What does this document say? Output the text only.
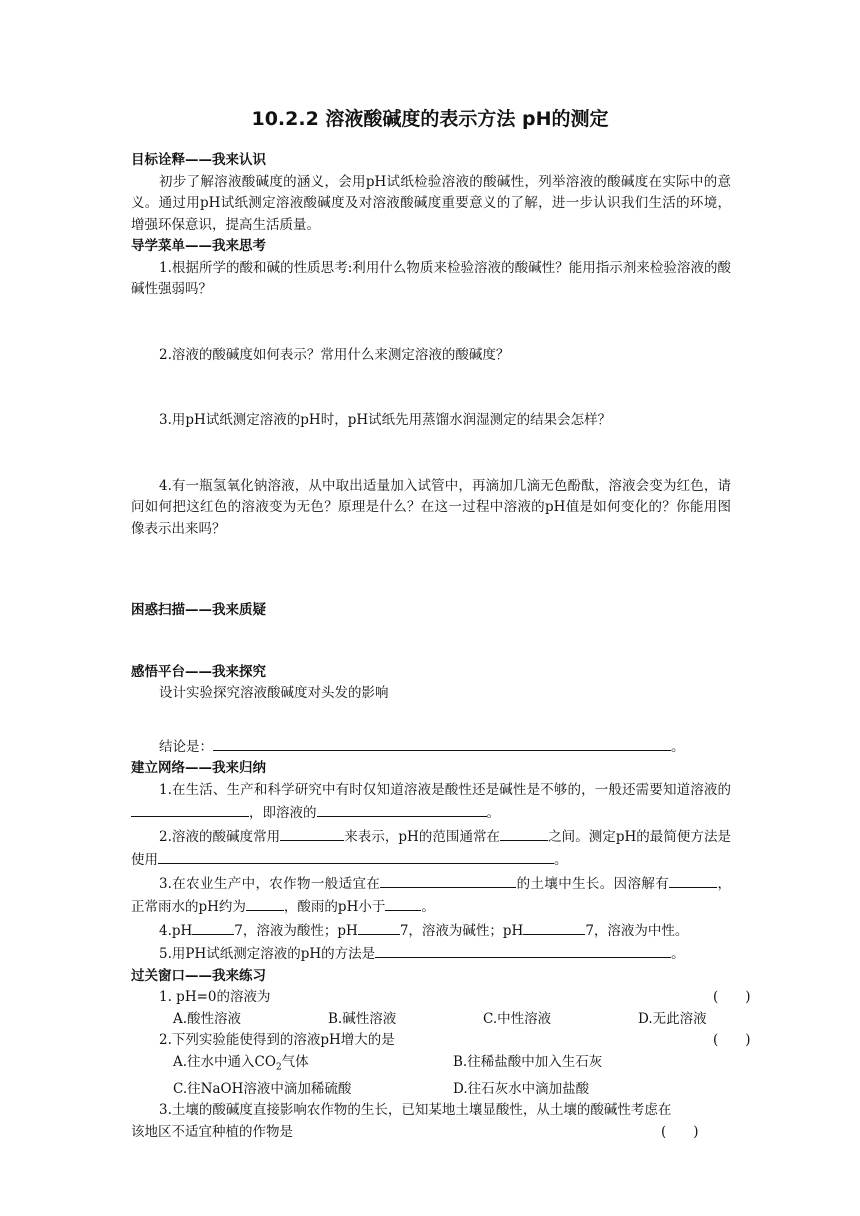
10.2.2 溶液酸碱度的表示方法 pH的测定
目标诠释——我来认识
初步了解溶液酸碱度的涵义，会用pH试纸检验溶液的酸碱性，列举溶液的酸碱度在实际中的意义。通过用pH试纸测定溶液酸碱度及对溶液酸碱度重要意义的了解，进一步认识我们生活的环境，增强环保意识，提高生活质量。
导学菜单——我来思考
1.根据所学的酸和碱的性质思考:利用什么物质来检验溶液的酸碱性？能用指示剂来检验溶液的酸碱性强弱吗？
2.溶液的酸碱度如何表示？常用什么来测定溶液的酸碱度？
3.用pH试纸测定溶液的pH时，pH试纸先用蒸馏水润湿测定的结果会怎样？
4.有一瓶氢氧化钠溶液，从中取出适量加入试管中，再滴加几滴无色酚酞，溶液会变为红色，请问如何把这红色的溶液变为无色？原理是什么？在这一过程中溶液的pH值是如何变化的？你能用图像表示出来吗？
困惑扫描——我来质疑
感悟平台——我来探究
设计实验探究溶液酸碱度对头发的影响
结论是：	。
建立网络——我来归纳
1.在生活、生产和科学研究中有时仅知道溶液是酸性还是碱性是不够的，一般还需要知道溶液的，即溶液的	。
2.溶液的酸碱度常用	来表示，pH的范围通常在	之间。测定pH的最简便方法是使用	。
3.在农业生产中，农作物一般适宜在	的土壤中生长。因溶解有	，正常雨水的pH约为	，酸雨的pH小于	。
4.pH	7，溶液为酸性；pH	7，溶液为碱性；pH	7，溶液为中性。
5.用PH试纸测定溶液的pH的方法是	。
过关窗口——我来练习
1. pH=0的溶液为	(　　)
A.酸性溶液	B.碱性溶液	C.中性溶液	D.无此溶液
2.下列实验能使得到的溶液pH增大的是	(　　)
A.往水中通入$CO_2$气体	B.往稀盐酸中加入生石灰
C.往NaOH溶液中滴加稀硫酸	D.往石灰水中滴加盐酸
3.土壤的酸碱度直接影响农作物的生长，已知某地土壤显酸性，从土壤的酸碱性考虑在
该地区不适宜种植的作物是	(　　)
